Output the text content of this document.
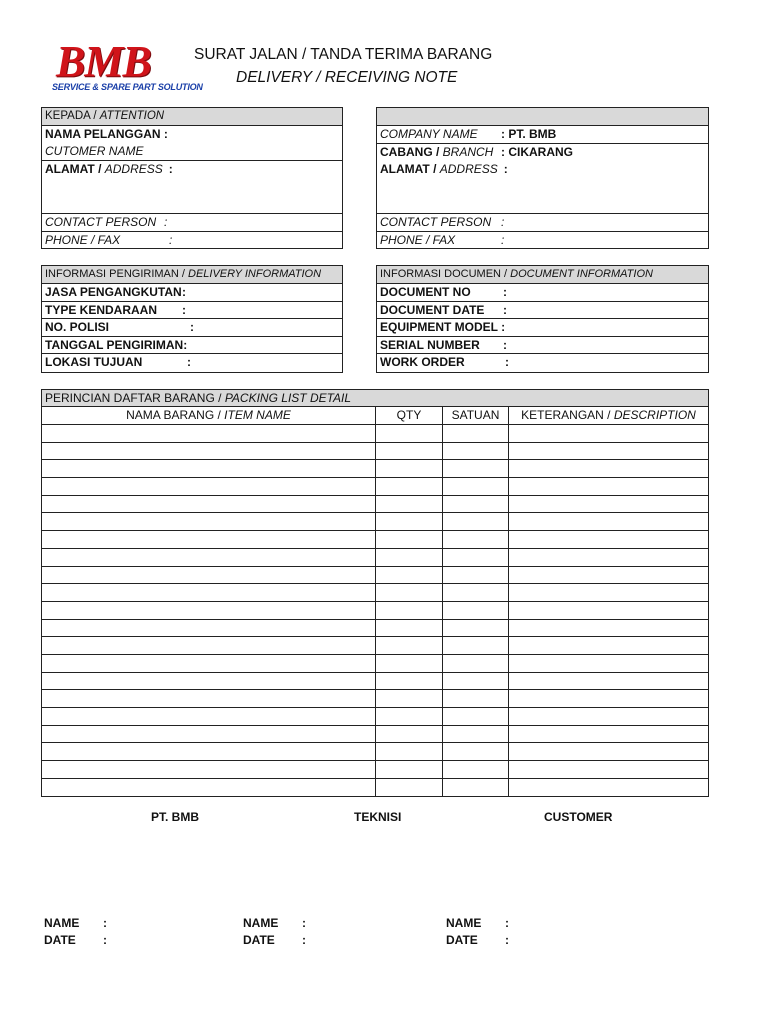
BMB
SERVICE & SPARE PART SOLUTION
SURAT JALAN / TANDA TERIMA BARANG
DELIVERY / RECEIVING NOTE
KEPADA / ATTENTION
NAMA PELANGGAN :
CUTOMER NAME
ALAMAT / ADDRESS :
CONTACT PERSON :
PHONE / FAX	:
COMPANY NAME : PT. BMB
CABANG / BRANCH : CIKARANG
ALAMAT / ADDRESS :
CONTACT PERSON :
PHONE / FAX	:
INFORMASI PENGIRIMAN / DELIVERY INFORMATION
JASA PENGANGKUTAN :
TYPE KENDARAAN :
NO. POLISI	:
TANGGAL PENGIRIMAN:
LOKASI TUJUAN	:
INFORMASI DOCUMEN / DOCUMENT INFORMATION
DOCUMENT NO	:
DOCUMENT DATE :
EQUIPMENT MODEL :
SERIAL NUMBER :
WORK ORDER	:
PERINCIAN DAFTAR BARANG / PACKING LIST DETAIL
NAMA BARANG / ITEM NAME	QTY	SATUAN	KETERANGAN / DESCRIPTION
PT. BMB	TEKNISI	CUSTOMER
NAME :
DATE :
NAME :
DATE :
NAME :
DATE :
